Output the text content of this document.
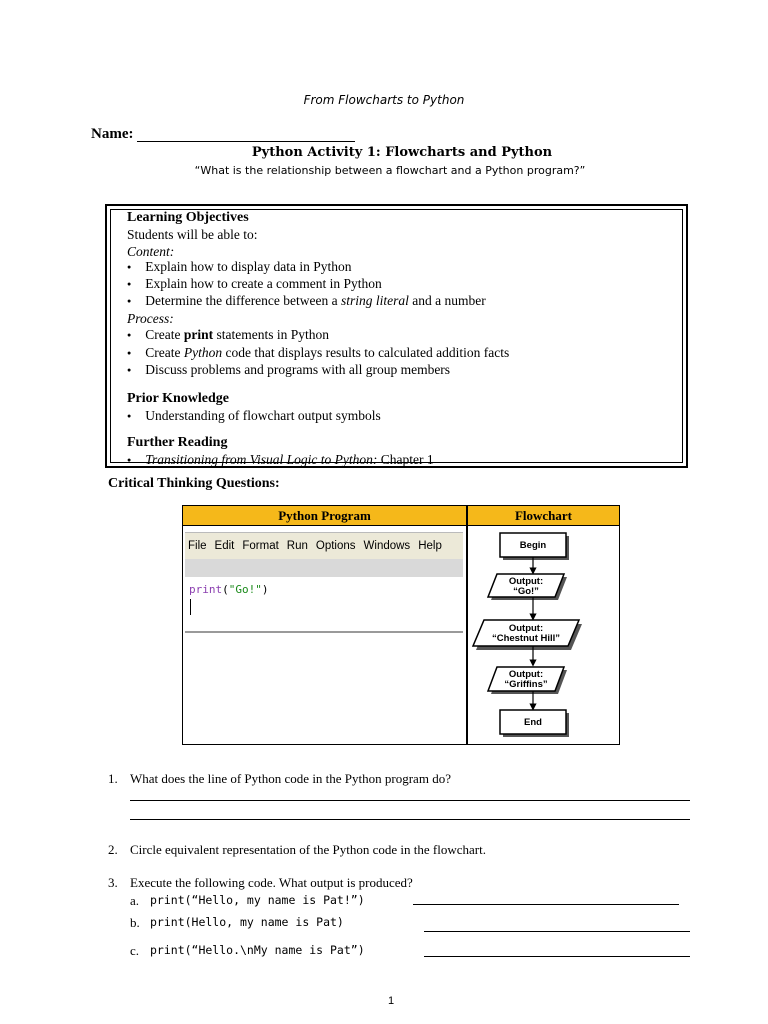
From Flowcharts to Python
Name:
Python Activity 1: Flowcharts and Python
“What is the relationship between a flowchart and a Python program?”
Learning Objectives
Students will be able to:
Content:
● Explain how to display data in Python
● Explain how to create a comment in Python
● Determine the difference between a string literal and a number
Process:
● Create print statements in Python
● Create Python code that displays results to calculated addition facts
● Discuss problems and programs with all group members
Prior Knowledge
● Understanding of flowchart output symbols
Further Reading
● Transitioning from Visual Logic to Python: Chapter 1
Critical Thinking Questions:
Python Program	Flowchart
File Edit Format Run Options Windows Help
print("Go!")
Begin
Output:
“Go!”
Output:
“Chestnut Hill”
Output:
“Griffins”
End
1. What does the line of Python code in the Python program do?
2. Circle equivalent representation of the Python code in the flowchart.
3. Execute the following code. What output is produced?
a. print(“Hello, my name is Pat!”)
b. print(Hello, my name is Pat)
c. print(“Hello.\nMy name is Pat”)
1
